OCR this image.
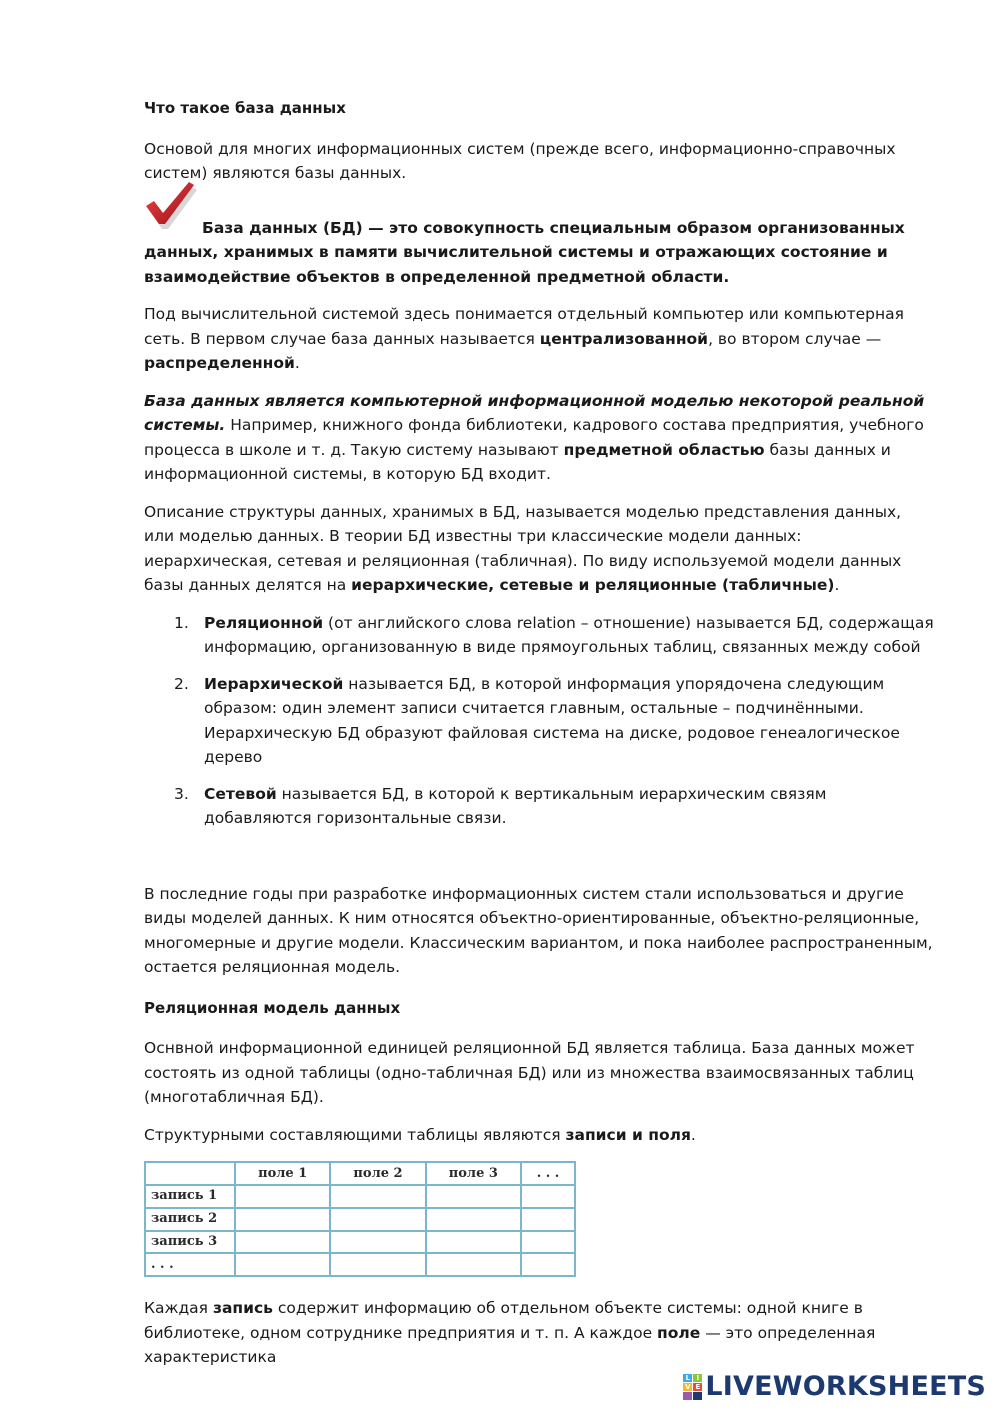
Что такое база данных

Основой для многих информационных систем (прежде всего, информационно-справочных систем) являются базы данных.

База данных (БД) — это совокупность специальным образом организованных данных, хранимых в памяти вычислительной системы и отражающих состояние и взаимодействие объектов в определенной предметной области.

Под вычислительной системой здесь понимается отдельный компьютер или компьютерная сеть. В первом случае база данных называется централизованной, во втором случае — распределенной.

База данных является компьютерной информационной моделью некоторой реальной системы. Например, книжного фонда библиотеки, кадрового состава предприятия, учебного процесса в школе и т. д. Такую систему называют предметной областью базы данных и информационной системы, в которую БД входит.

Описание структуры данных, хранимых в БД, называется моделью представления данных, или моделью данных. В теории БД известны три классические модели данных: иерархическая, сетевая и реляционная (табличная). По виду используемой модели данных базы данных делятся на иерархические, сетевые и реляционные (табличные).

1. Реляционной (от английского слова relation – отношение) называется БД, содержащая информацию, организованную в виде прямоугольных таблиц, связанных между собой
2. Иерархической называется БД, в которой информация упорядочена следующим образом: один элемент записи считается главным, остальные – подчинёнными. Иерархическую БД образуют файловая система на диске, родовое генеалогическое дерево
3. Сетевой называется БД, в которой к вертикальным иерархическим связям добавляются горизонтальные связи.

В последние годы при разработке информационных систем стали использоваться и другие виды моделей данных. К ним относятся объектно-ориентированные, объектно-реляционные, многомерные и другие модели. Классическим вариантом, и пока наиболее распространенным, остается реляционная модель.

Реляционная модель данных

Оснвной информационной единицей реляционной БД является таблица. База данных может состоять из одной таблицы (одно-табличная БД) или из множества взаимосвязанных таблиц (многотабличная БД).

Структурными составляющими таблицы являются записи и поля.

	поле 1	поле 2	поле 3	. . .
запись 1				
запись 2				
запись 3				
. . .				

Каждая запись содержит информацию об отдельном объекте системы: одной книге в библиотеке, одном сотруднике предприятия и т. п. А каждое поле — это определенная характеристика

L I
V E LIVEWORKSHEETS
